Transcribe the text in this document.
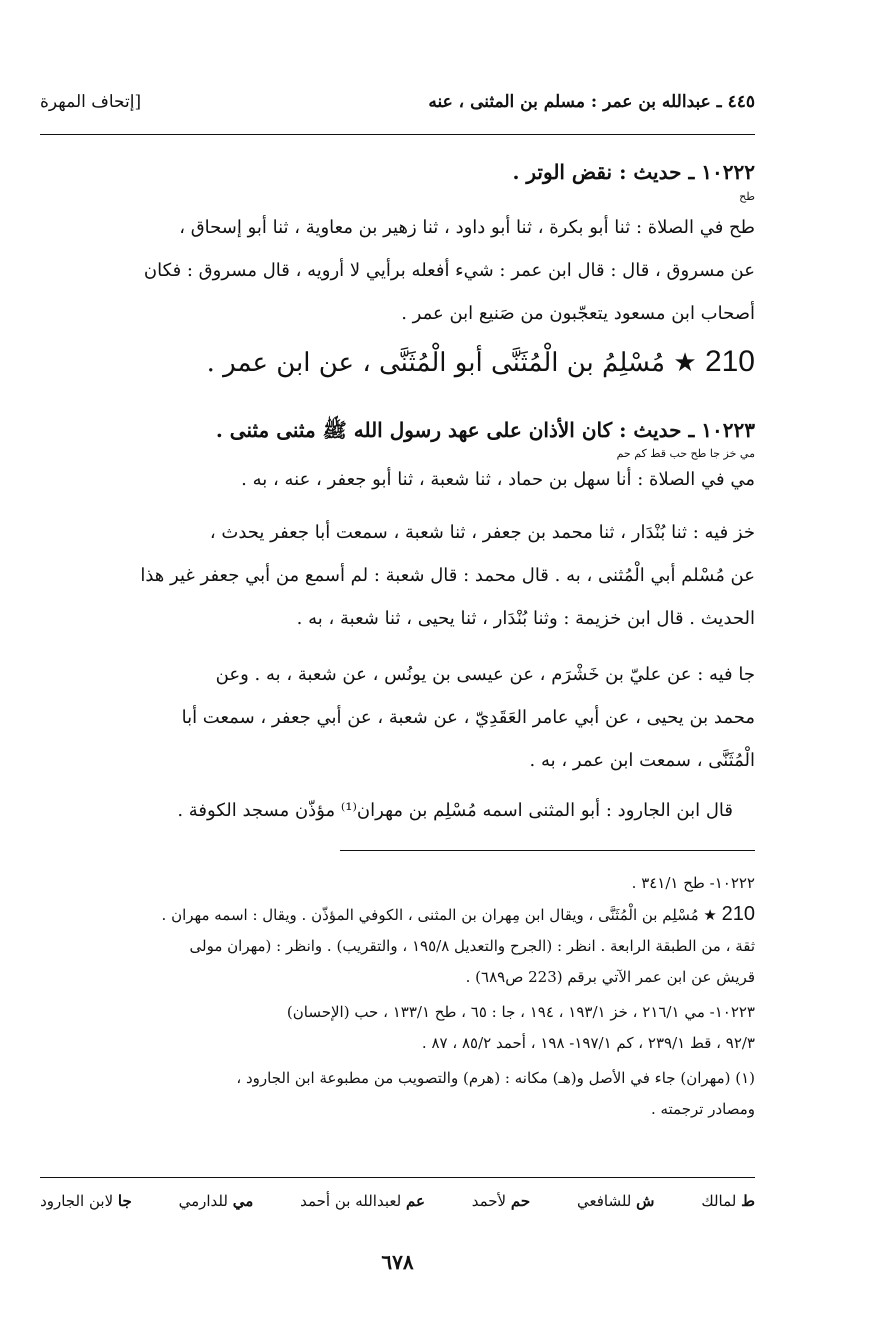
٤٤٥ ـ عبدالله بن عمر : مسلم بن المثنى ، عنه
[إتحاف المهرة
١٠٢٢٢ ـ حديث : نقض الوتر .
طح
طح في الصلاة : ثنا أبو بكرة ، ثنا أبو داود ، ثنا زهير بن معاوية ، ثنا أبو إسحاق ،
عن مسروق ، قال : قال ابن عمر : شيء أفعله برأيي لا أرويه ، قال مسروق : فكان
أصحاب ابن مسعود يتعجّبون من صَنيع ابن عمر .
210 ★ مُسْلِمُ بن الْمُثَنَّى أبو الْمُثَنَّى ، عن ابن عمر .
١٠٢٢٣ ـ حديث : كان الأذان على عهد رسول الله ﷺ مثنى مثنى .
مي خز جا طح حب قط كم حم
مي في الصلاة : أنا سهل بن حماد ، ثنا شعبة ، ثنا أبو جعفر ، عنه ، به .
خز فيه : ثنا بُنْدَار ، ثنا محمد بن جعفر ، ثنا شعبة ، سمعت أبا جعفر يحدث ،
عن مُسْلم أبي الْمُثنى ، به . قال محمد : قال شعبة : لم أسمع من أبي جعفر غير هذا
الحديث . قال ابن خزيمة : وثنا بُنْدَار ، ثنا يحيى ، ثنا شعبة ، به .
جا فيه : عن عليّ بن خَشْرَم ، عن عيسى بن يونُس ، عن شعبة ، به . وعن
محمد بن يحيى ، عن أبي عامر العَقَدِيّ ، عن شعبة ، عن أبي جعفر ، سمعت أبا
الْمُثَنَّى ، سمعت ابن عمر ، به .
قال ابن الجارود : أبو المثنى اسمه مُسْلِم بن مهران⁽¹⁾ مؤذّن مسجد الكوفة .

١٠٢٢٢- طح ٣٤١/١ .

210 ★ مُسْلِم بن الْمُثَنَّى ، ويقال ابن مِهران بن المثنى ، الكوفي المؤذّن . ويقال : اسمه مهران .

ثقة ، من الطبقة الرابعة . انظر : (الجرح والتعديل ١٩٥/٨ ، والتقريب) . وانظر : (مهران مولى

قريش عن ابن عمر الآتي برقم (223 ص٦٨٩) .

١٠٢٢٣- مي ٢١٦/١ ، خز ١٩٣/١ ، ١٩٤ ، جا : ٦٥ ، طح ١٣٣/١ ، حب (الإحسان)

٩٢/٣ ، قط ٢٣٩/١ ، كم ١٩٧/١- ١٩٨ ، أحمد ٨٥/٢ ، ٨٧ .

(١) (مهران) جاء في الأصل و(هـ) مكانه : (هرم) والتصويب من مطبوعة ابن الجارود ،

ومصادر ترجمته .

ط لمالك
ش للشافعي
حم لأحمد
عم لعبدالله بن أحمد
مي للدارمي
جا لابن الجارود
٦٧٨
